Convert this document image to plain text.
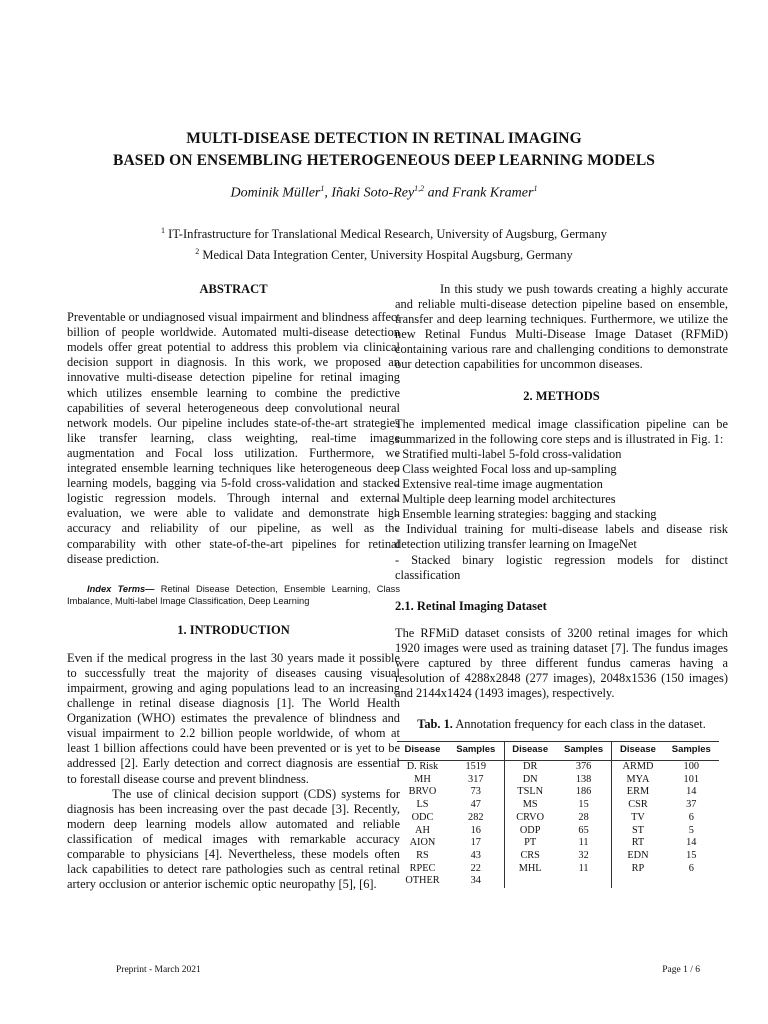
MULTI-DISEASE DETECTION IN RETINAL IMAGING
BASED ON ENSEMBLING HETEROGENEOUS DEEP LEARNING MODELS
Dominik Müller$^1$, Iñaki Soto-Rey$^{1,2}$ and Frank Kramer$^1$
$^1$ IT-Infrastructure for Translational Medical Research, University of Augsburg, Germany
$^2$ Medical Data Integration Center, University Hospital Augsburg, Germany
ABSTRACT

Preventable or undiagnosed visual impairment and blindness affect billion of people worldwide. Automated multi-disease detection models offer great potential to address this problem via clinical decision support in diagnosis. In this work, we proposed an innovative multi-disease detection pipeline for retinal imaging which utilizes ensemble learning to combine the predictive capabilities of several heterogeneous deep convolutional neural network models. Our pipeline includes state-of-the-art strategies like transfer learning, class weighting, real-time image augmentation and Focal loss utilization. Furthermore, we integrated ensemble learning techniques like heterogeneous deep learning models, bagging via 5-fold cross-validation and stacked logistic regression models. Through internal and external evaluation, we were able to validate and demonstrate high accuracy and reliability of our pipeline, as well as the comparability with other state-of-the-art pipelines for retinal disease prediction.

Index Terms— Retinal Disease Detection, Ensemble Learning, Class Imbalance, Multi-label Image Classification, Deep Learning
1. INTRODUCTION

Even if the medical progress in the last 30 years made it possible to successfully treat the majority of diseases causing visual impairment, growing and aging populations lead to an increasing challenge in retinal disease diagnosis [1]. The World Health Organization (WHO) estimates the prevalence of blindness and visual impairment to 2.2 billion people worldwide, of whom at least 1 billion affections could have been prevented or is yet to be addressed [2]. Early detection and correct diagnosis are essential to forestall disease course and prevent blindness.

The use of clinical decision support (CDS) systems for diagnosis has been increasing over the past decade [3]. Recently, modern deep learning models allow automated and reliable classification of medical images with remarkable accuracy comparable to physicians [4]. Nevertheless, these models often lack capabilities to detect rare pathologies such as central retinal artery occlusion or anterior ischemic optic neuropathy [5], [6].

In this study we push towards creating a highly accurate and reliable multi-disease detection pipeline based on ensemble, transfer and deep learning techniques. Furthermore, we utilize the new Retinal Fundus Multi-Disease Image Dataset (RFMiD) containing various rare and challenging conditions to demonstrate our detection capabilities for uncommon diseases.

2. METHODS

The implemented medical image classification pipeline can be summarized in the following core steps and is illustrated in Fig. 1:

- Stratified multi-label 5-fold cross-validation

- Class weighted Focal loss and up-sampling

- Extensive real-time image augmentation

- Multiple deep learning model architectures

- Ensemble learning strategies: bagging and stacking

- Individual training for multi-disease labels and disease risk detection utilizing transfer learning on ImageNet

- Stacked binary logistic regression models for distinct classification

2.1. Retinal Imaging Dataset

The RFMiD dataset consists of 3200 retinal images for which 1920 images were used as training dataset [7]. The fundus images were captured by three different fundus cameras having a resolution of 4288x2848 (277 images), 2048x1536 (150 images) and 2144x1424 (1493 images), respectively.

Tab. 1. Annotation frequency for each class in the dataset.
Disease	Samples	Disease	Samples	Disease	Samples
D. Risk	1519	DR	376	ARMD	100
MH	317	DN	138	MYA	101
BRVO	73	TSLN	186	ERM	14
LS	47	MS	15	CSR	37
ODC	282	CRVO	28	TV	6
AH	16	ODP	65	ST	5
AION	17	PT	11	RT	14
RS	43	CRS	32	EDN	15
RPEC	22	MHL	11	RP	6
OTHER	34				
Preprint - March 2021	Page 1 / 6
